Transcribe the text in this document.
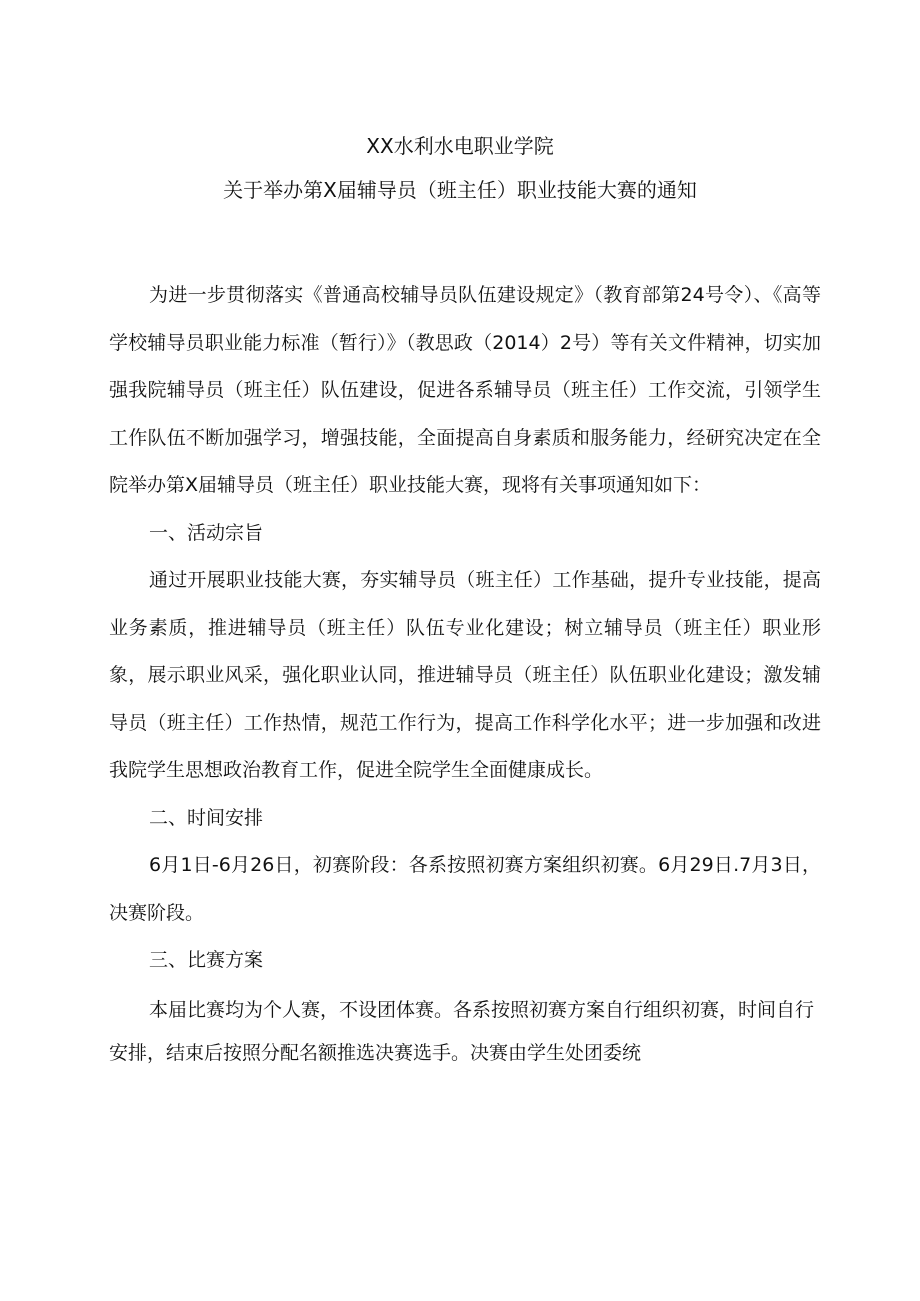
XX水利水电职业学院
关于举办第X届辅导员（班主任）职业技能大赛的通知

为进一步贯彻落实《普通高校辅导员队伍建设规定》（教育部第24号令）、《高等学校辅导员职业能力标准（暂行）》（教思政（2014）2号）等有关文件精神，切实加强我院辅导员（班主任）队伍建设，促进各系辅导员（班主任）工作交流，引领学生工作队伍不断加强学习，增强技能，全面提高自身素质和服务能力，经研究决定在全院举办第X届辅导员（班主任）职业技能大赛，现将有关事项通知如下：

一、活动宗旨

通过开展职业技能大赛，夯实辅导员（班主任）工作基础，提升专业技能，提高业务素质，推进辅导员（班主任）队伍专业化建设；树立辅导员（班主任）职业形象，展示职业风采，强化职业认同，推进辅导员（班主任）队伍职业化建设；激发辅导员（班主任）工作热情，规范工作行为，提高工作科学化水平；进一步加强和改进我院学生思想政治教育工作，促进全院学生全面健康成长。

二、时间安排

6月1日-6月26日，初赛阶段：各系按照初赛方案组织初赛。6月29日.7月3日，决赛阶段。

三、比赛方案

本届比赛均为个人赛，不设团体赛。各系按照初赛方案自行组织初赛，时间自行安排，结束后按照分配名额推选决赛选手。决赛由学生处团委统
